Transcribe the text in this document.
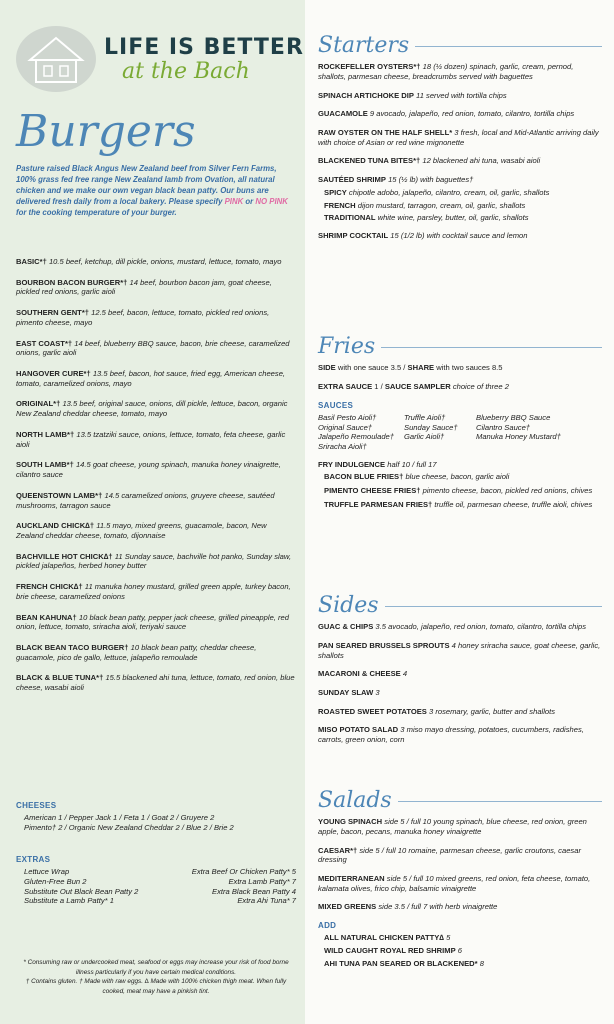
LIFE IS BETTER
at the Bach
Burgers
Pasture raised Black Angus New Zealand beef from Silver Fern Farms, 100% grass fed free range New Zealand lamb from Ovation, all natural chicken and we make our own vegan black bean patty. Our buns are delivered fresh daily from a local bakery. Please specify PINK or NO PINK for the cooking temperature of your burger.
BASIC*† 10.5 beef, ketchup, dill pickle, onions, mustard, lettuce, tomato, mayo
BOURBON BACON BURGER*† 14 beef, bourbon bacon jam, goat cheese, pickled red onions, garlic aioli
SOUTHERN GENT*† 12.5 beef, bacon, lettuce, tomato, pickled red onions, pimento cheese, mayo
EAST COAST*† 14 beef, blueberry BBQ sauce, bacon, brie cheese, caramelized onions, garlic aioli
HANGOVER CURE*† 13.5 beef, bacon, hot sauce, fried egg, American cheese, tomato, caramelized onions, mayo
ORIGINAL*† 13.5 beef, original sauce, onions, dill pickle, lettuce, bacon, organic New Zealand cheddar cheese, tomato, mayo
NORTH LAMB*† 13.5 tzatziki sauce, onions, lettuce, tomato, feta cheese, garlic aioli
SOUTH LAMB*† 14.5 goat cheese, young spinach, manuka honey vinaigrette, cilantro sauce
QUEENSTOWN LAMB*† 14.5 caramelized onions, gruyere cheese, sautéed mushrooms, tarragon sauce
AUCKLAND CHICK∆† 11.5 mayo, mixed greens, guacamole, bacon, New Zealand cheddar cheese, tomato, dijonnaise
BACHVILLE HOT CHICK∆† 11 Sunday sauce, bachville hot panko, Sunday slaw, pickled jalapeños, herbed honey butter
FRENCH CHICK∆† 11 manuka honey mustard, grilled green apple, turkey bacon, brie cheese, caramelized onions
BEAN KAHUNA† 10 black bean patty, pepper jack cheese, grilled pineapple, red onion, lettuce, tomato, sriracha aioli, teriyaki sauce
BLACK BEAN TACO BURGER† 10 black bean patty, cheddar cheese, guacamole, pico de gallo, lettuce, jalapeño remoulade
BLACK & BLUE TUNA*† 15.5 blackened ahi tuna, lettuce, tomato, red onion, blue cheese, wasabi aioli
CHEESES
American 1 / Pepper Jack 1 / Feta 1 / Goat 2 / Gruyere 2
Pimento† 2 / Organic New Zealand Cheddar 2 / Blue 2 / Brie 2
EXTRAS
Lettuce Wrap	Extra Beef Or Chicken Patty* 5
Gluten-Free Bun 2	Extra Lamb Patty* 7
Substitute Out Black Bean Patty 2	Extra Black Bean Patty 4
Substitute a Lamb Patty* 1	Extra Ahi Tuna* 7
* Consuming raw or undercooked meat, seafood or eggs may increase your risk of food borne illness particularly if you have certain medical conditions.
† Contains gluten. † Made with raw eggs. ∆ Made with 100% chicken thigh meat. When fully cooked, meat may have a pinkish tint.
Starters
ROCKEFELLER OYSTERS*† 18 (½ dozen) spinach, garlic, cream, pernod, shallots, parmesan cheese, breadcrumbs served with baguettes
SPINACH ARTICHOKE DIP 11 served with tortilla chips
GUACAMOLE 9 avocado, jalapeño, red onion, tomato, cilantro, tortilla chips
RAW OYSTER ON THE HALF SHELL* 3 fresh, local and Mid-Atlantic arriving daily with choice of Asian or red wine mignonette
BLACKENED TUNA BITES*† 12 blackened ahi tuna, wasabi aioli
SAUTÉED SHRIMP 15 (½ lb) with baguettes†
SPICY chipotle adobo, jalapeño, cilantro, cream, oil, garlic, shallots
FRENCH dijon mustard, tarragon, cream, oil, garlic, shallots
TRADITIONAL white wine, parsley, butter, oil, garlic, shallots
SHRIMP COCKTAIL 15 (1/2 lb) with cocktail sauce and lemon
Fries
SIDE with one sauce 3.5 / SHARE with two sauces 8.5
EXTRA SAUCE 1 / SAUCE SAMPLER choice of three 2
SAUCES
Basil Pesto Aioli†	Truffle Aioli†	Blueberry BBQ Sauce
Original Sauce†	Sunday Sauce†	Cilantro Sauce†
Jalapeño Remoulade†	Garlic Aioli†	Manuka Honey Mustard†
Sriracha Aioli†
FRY INDULGENCE half 10 / full 17
BACON BLUE FRIES† blue cheese, bacon, garlic aioli
PIMENTO CHEESE FRIES† pimento cheese, bacon, pickled red onions, chives
TRUFFLE PARMESAN FRIES† truffle oil, parmesan cheese, truffle aioli, chives
Sides
GUAC & CHIPS 3.5 avocado, jalapeño, red onion, tomato, cilantro, tortilla chips
PAN SEARED BRUSSELS SPROUTS 4 honey sriracha sauce, goat cheese, garlic, shallots
MACARONI & CHEESE 4
SUNDAY SLAW 3
ROASTED SWEET POTATOES 3 rosemary, garlic, butter and shallots
MISO POTATO SALAD 3 miso mayo dressing, potatoes, cucumbers, radishes, carrots, green onion, corn
Salads
YOUNG SPINACH side 5 / full 10 young spinach, blue cheese, red onion, green apple, bacon, pecans, manuka honey vinaigrette
CAESAR*† side 5 / full 10 romaine, parmesan cheese, garlic croutons, caesar dressing
MEDITERRANEAN side 5 / full 10 mixed greens, red onion, feta cheese, tomato, kalamata olives, frico chip, balsamic vinaigrette
MIXED GREENS side 3.5 / full 7 with herb vinaigrette
ADD
ALL NATURAL CHICKEN PATTY∆ 5
WILD CAUGHT ROYAL RED SHRIMP 6
AHI TUNA PAN SEARED OR BLACKENED* 8
